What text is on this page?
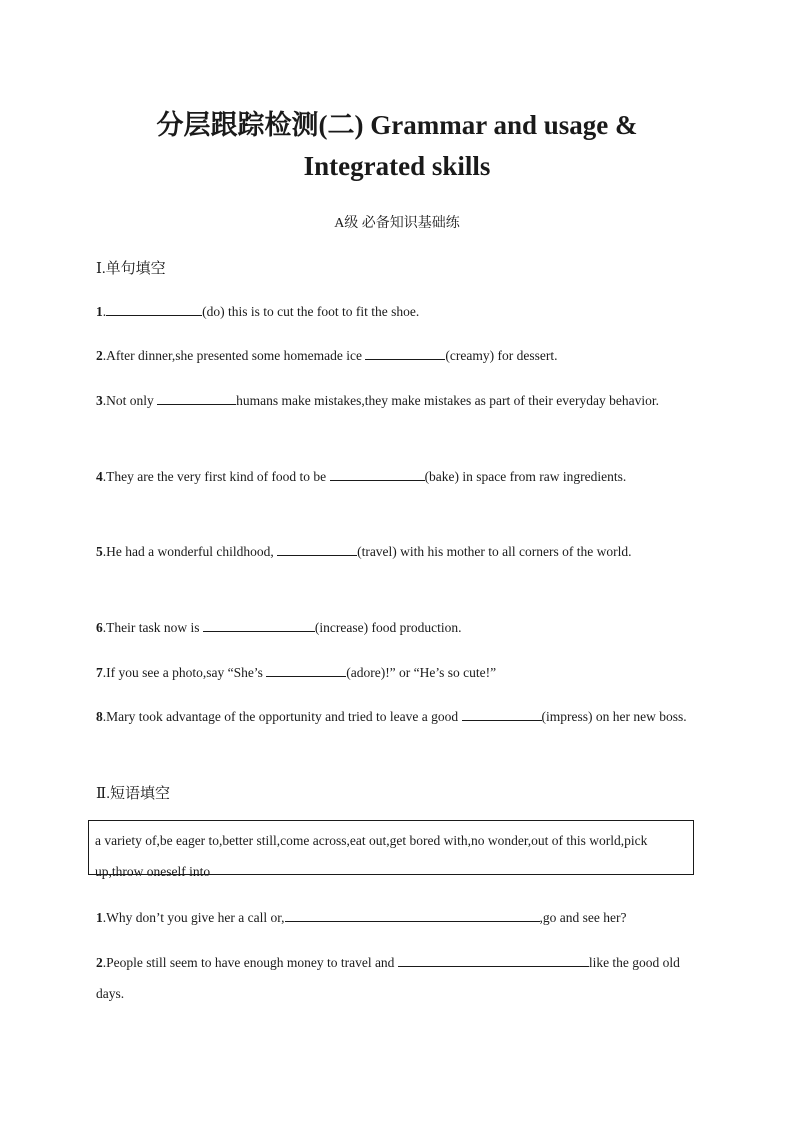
分层跟踪检测(二) Grammar and usage &
Integrated skills
A级 必备知识基础练
Ⅰ.单句填空
1.	(do) this is to cut the foot to fit the shoe.
2.After dinner,she presented some homemade ice	(creamy) for dessert.
3.Not only	humans make mistakes,they make mistakes as part of their everyday behavior.
4.They are the very first kind of food to be	(bake) in space from raw ingredients.
5.He had a wonderful childhood,	(travel) with his mother to all corners of the world.
6.Their task now is	(increase) food production.
7.If you see a photo,say “She’s	(adore)!” or “He’s so cute!”
8.Mary took advantage of the opportunity and tried to leave a good	(impress) on her new boss.
Ⅱ.短语填空
a variety of,be eager to,better still,come across,eat out,get bored with,no wonder,out of this world,pick up,throw oneself into
1.Why don’t you give her a call or,	,go and see her?
2.People still seem to have enough money to travel and	like the good old days.
